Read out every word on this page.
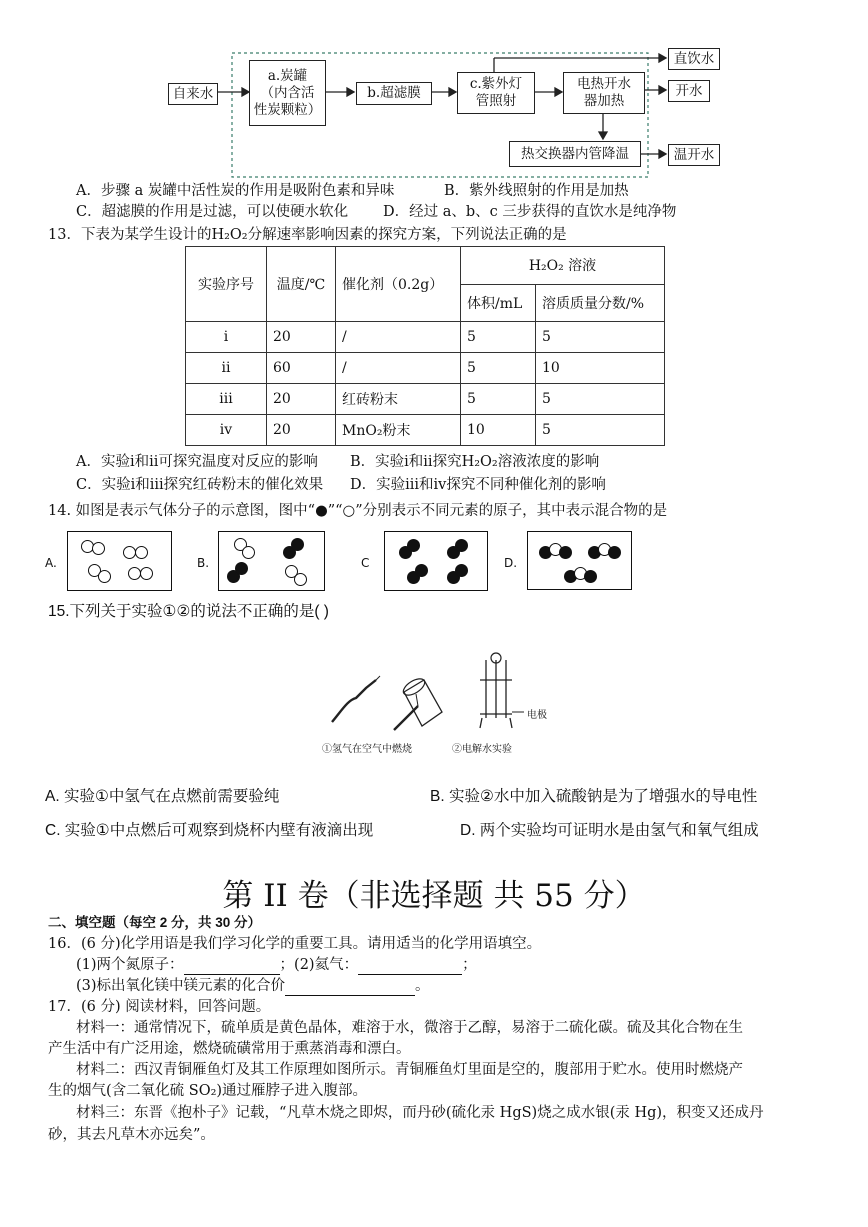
自来水
a.炭罐
（内含活
性炭颗粒）
b.超滤膜
c.紫外灯
管照射
电热开水
器加热
热交换器内管降温
直饮水
开水
温开水
A．步骤 a 炭罐中活性炭的作用是吸附色素和异味	B．紫外线照射的作用是加热
C．超滤膜的作用是过滤，可以使硬水软化 D．经过 a、b、c 三步获得的直饮水是纯净物
13．下表为某学生设计的H₂O₂分解速率影响因素的探究方案，下列说法正确的是
实验序号	温度/℃	催化剂（0.2g）	H₂O₂ 溶液	
			体积/mL	溶质质量分数/%
i	20	/	5	5
ii	60	/	5	10
iii	20	红砖粉末	5	5
iv	20	MnO₂粉末	10	5
A．实验i和ii可探究温度对反应的影响 B．实验i和ii探究H₂O₂溶液浓度的影响
C．实验i和iii探究红砖粉末的催化效果 D．实验iii和iv探究不同种催化剂的影响
14. 如图是表示气体分子的示意图，图中“●”“○”分别表示不同元素的原子，其中表示混合物的是
A.	B.	C	D.
15.下列关于实验①②的说法不正确的是( )
电极
①氢气在空气中燃烧	②电解水实验
A. 实验①中氢气在点燃前需要验纯	B. 实验②水中加入硫酸钠是为了增强水的导电性
C. 实验①中点燃后可观察到烧杯内壁有液滴出现	D. 两个实验均可证明水是由氢气和氧气组成
第 II 卷（非选择题 共 55 分）
二、填空题（每空 2 分，共 30 分）
16．(6 分)化学用语是我们学习化学的重要工具。请用适当的化学用语填空。
(1)两个氮原子：	；(2)氦气：	；
(3)标出氧化镁中镁元素的化合价	。
17．(6 分) 阅读材料，回答问题。
材料一：通常情况下，硫单质是黄色晶体，难溶于水，微溶于乙醇，易溶于二硫化碳。硫及其化合物在生
产生活中有广泛用途，燃烧硫磺常用于熏蒸消毒和漂白。
材料二：西汉青铜雁鱼灯及其工作原理如图所示。青铜雁鱼灯里面是空的，腹部用于贮水。使用时燃烧产
生的烟气(含二氧化硫 SO₂)通过雁脖子进入腹部。
材料三：东晋《抱朴子》记载，“凡草木烧之即烬，而丹砂(硫化汞 HgS)烧之成水银(汞 Hg)，积变又还成丹
砂，其去凡草木亦远矣”。
